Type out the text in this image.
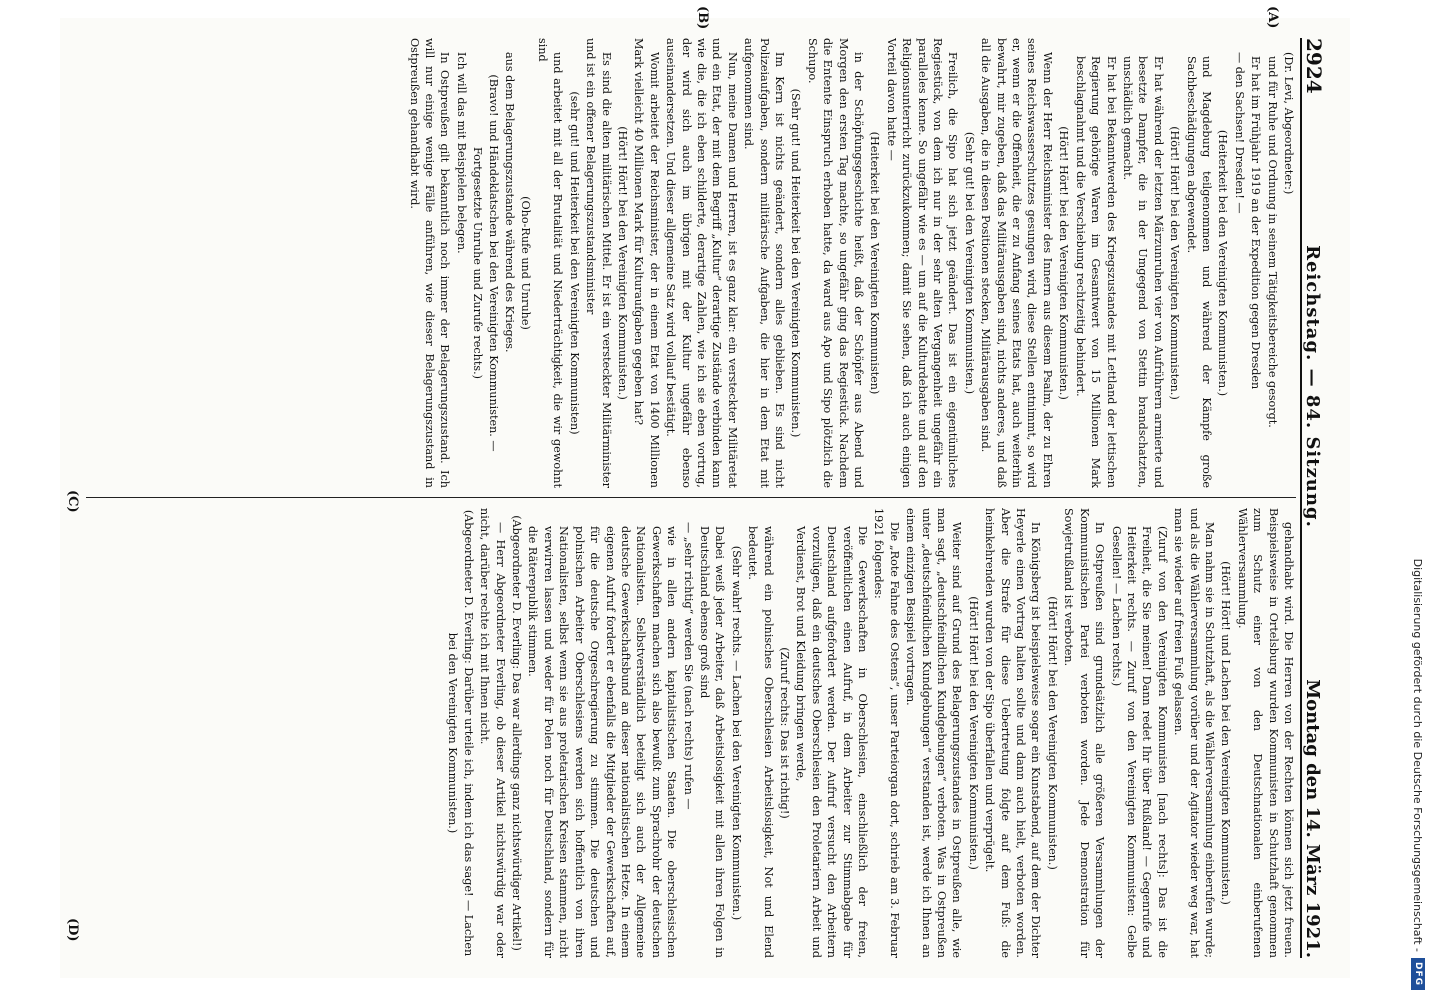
2924
Reichstag. — 84. Sitzung.
Montag den 14. März 1921.

(Dr. Levi, Abgeordneter:)

und für Ruhe und Ordnung in seinem Tätigkeitsbereiche gesorgt.

Er hat im Frühjahr 1919 an der Expedition gegen Dresden

— den Sachsen! Dresden! —

(Heiterkeit bei den Vereinigten Kommunisten.)

und Magdeburg teilgenommen und während der Kämpfe große Sachbeschädigungen abgewendet.

(Hört! Hört! bei den Vereinigten Kommunisten.)

Er hat während der letzten Märzunruhen vier von Aufrührern armierte und besetzte Dampfer, die in der Umgegend von Stettin brandschatzten, unschädlich gemacht.

Er hat bei Bekanntwerden des Kriegszustandes mit Lettland der lettischen Regierung gehörige Waren im Gesamtwert von 15 Millionen Mark beschlagnahmt und die Verschiebung rechtzeitig behindert.

(Hört! Hört! bei den Vereinigten Kommunisten.)

Wenn der Herr Reichsminister des Innern aus diesem Psalm, der zu Ehren seines Reichswasserschutzes gesungen wird, diese Stellen entnimmt, so wird er, wenn er die Offenheit, die er zu Anfang seines Etats hat, auch weiterhin bewahrt, mir zugeben, daß das Militärausgaben sind, nichts anderes, und daß all die Ausgaben, die in diesen Positionen stecken, Militärausgaben sind.

(Sehr gut! bei den Vereinigten Kommunisten.)

Freilich, die Sipo hat sich jetzt geändert. Das ist ein eigentümliches Regiestück, von dem ich nur in der sehr alten Vergangenheit ungefähr ein paralleles kenne. So ungefähr wie es — um auf die Kulturdebatte und auf den Religionsunterricht zurückzukommen; damit Sie sehen, daß ich auch einigen Vorteil davon hatte —

(Heiterkeit bei den Vereinigten Kommunisten)

in der Schöpfungsgeschichte heißt, daß der Schöpfer aus Abend und Morgen den ersten Tag machte, so ungefähr ging das Regiestück. Nachdem die Entente Einspruch erhoben hatte, da ward aus Apo und Sipo plötzlich die Schupo.

(Sehr gut! und Heiterkeit bei den Vereinigten Kommunisten.)

Im Kern ist nichts geändert, sondern alles geblieben. Es sind nicht Polizeiaufgaben, sondern militärische Aufgaben, die hier in dem Etat mit aufgenommen sind.

Nun, meine Damen und Herren, ist es ganz klar: ein versteckter Militäretat und ein Etat, der mit dem Begriff „Kultur“ derartige Zustände verbinden kann wie die, die ich eben schilderte, derartige Zahlen, wie ich sie eben vortrug, der wird sich auch im übrigen mit der Kultur ungefähr ebenso auseinandersetzen. Und dieser allgemeine Satz wird vollauf bestätigt.

Womit arbeitet der Reichsminister, der in einem Etat von 1400 Millionen Mark vielleicht 40 Millionen Mark für Kulturaufgaben gegeben hat?

(Hört! Hört! bei den Vereinigten Kommunisten.)

Es sind die alten militärischen Mittel. Er ist ein versteckter Militärminister und ist ein offener Belagerungszustandsminister

(sehr gut! und Heiterkeit bei den Vereinigten Kommunisten)

und arbeitet mit all der Brutalität und Niederträchtigkeit, die wir gewohnt sind

(Oho-Rufe und Unruhe)

aus dem Belagerungszustande während des Krieges.

(Bravo! und Händeklatschen bei den Vereinigten Kommunisten. — Fortgesetzte Unruhe und Zurufe rechts.)

Ich will das mit Beispielen belegen.

In Ostpreußen gilt bekanntlich noch immer der Belagerungszustand. Ich will nur einige wenige Fälle anführen, wie dieser Belagerungszustand in Ostpreußen gehandhabt wird.

gehandhabt wird. Die Herren von der Rechten können sich jetzt freuen. Beispielsweise in Ortelsburg wurden Kommunisten in Schutzhaft genommen zum Schutz einer von den Deutschnationalen einberufenen Wählerversammlung.

(Hört! Hört! und Lachen bei den Vereinigten Kommunisten.)

Man nahm sie in Schutzhaft, als die Wählerversammlung einberufen wurde; und als die Wählerversammlung vorüber und der Agitator wieder weg war, hat man sie wieder auf freien Fuß gelassen.

(Zuruf von den Vereinigten Kommunisten [nach rechts]: Das ist die Freiheit, die Sie meinen! Dann redet Ihr über Rußland! — Gegenrufe und Heiterkeit rechts. — Zuruf von den Vereinigten Kommunisten: Gelbe Gesellen! — Lachen rechts.)

In Ostpreußen sind grundsätzlich alle größeren Versammlungen der Kommunistischen Partei verboten worden. Jede Demonstration für Sowjetrußland ist verboten.

(Hört! Hört! bei den Vereinigten Kommunisten.)

In Königsberg ist beispielsweise sogar ein Kunstabend, auf dem der Dichter Heyerle einen Vortrag halten sollte und dann auch hielt, verboten worden. Aber die Strafe für diese Uebertretung folgte auf dem Fuß: die heimkehrenden wurden von der Sipo überfallen und verprügelt.

(Hört! Hört! bei den Vereinigten Kommunisten.)

Weiter sind auf Grund des Belagerungszustandes in Ostpreußen alle, wie man sagt, „deutschfeindlichen Kundgebungen“ verboten. Was in Ostpreußen unter „deutschfeindlichen Kundgebungen“ verstanden ist, werde ich Ihnen an einem einzigen Beispiel vortragen.

Die „Rote Fahne des Ostens“, unser Parteiorgan dort, schrieb am 3. Februar 1921 folgendes:

Die Gewerkschaften in Oberschlesien, einschließlich der freien, veröffentlichen einen Aufruf, in dem Arbeiter zur Stimmabgabe für Deutschland aufgefordert werden. Der Aufruf versucht den Arbeitern vorzulügen, daß ein deutsches Oberschlesien den Proletariern Arbeit und Verdienst, Brot und Kleidung bringen werde,

(Zuruf rechts: Das ist richtig!)

während ein polnisches Oberschlesien Arbeitslosigkeit, Not und Elend bedeutet.

(Sehr wahr! rechts. — Lachen bei den Vereinigten Kommunisten.)

Dabei weiß jeder Arbeiter, daß Arbeitslosigkeit mit allen ihren Folgen in Deutschland ebenso groß sind

— „sehr richtig“ werden Sie (nach rechts) rufen —

wie in allen andern kapitalistischen Staaten. Die oberschlesischen Gewerkschaften machen sich also bewußt zum Sprachrohr der deutschen Nationalisten. Selbstverständlich beteiligt sich auch der Allgemeine deutsche Gewerkschaftsbund an dieser nationalistischen Hetze. In einem eigenen Aufruf fordert er ebenfalls die Mitglieder der Gewerkschaften auf, für die deutsche Orgeschregierung zu stimmen. Die deutschen und polnischen Arbeiter Oberschlesiens werden sich hoffentlich von ihren Nationalisten, selbst wenn sie aus proletarischen Kreisen stammen, nicht verwirren lassen und weder für Polen noch für Deutschland, sondern für die Räterepublik stimmen.

(Abgeordneter D. Everling: Das war allerdings ganz nichtswürdiger Artikel!)

— Herr Abgeordneter Everling, ob dieser Artikel nichtswürdig war oder nicht, darüber rechte ich mit Ihnen nicht.

(Abgeordneter D. Everling: Darüber urteile ich, indem ich das sage! — Lachen bei den Vereinigten Kommunisten.)

(A)
(B)
(C)
(D)	Digitalisierung gefördert durch die Deutsche Forschungsgemeinschaft -
DFG
